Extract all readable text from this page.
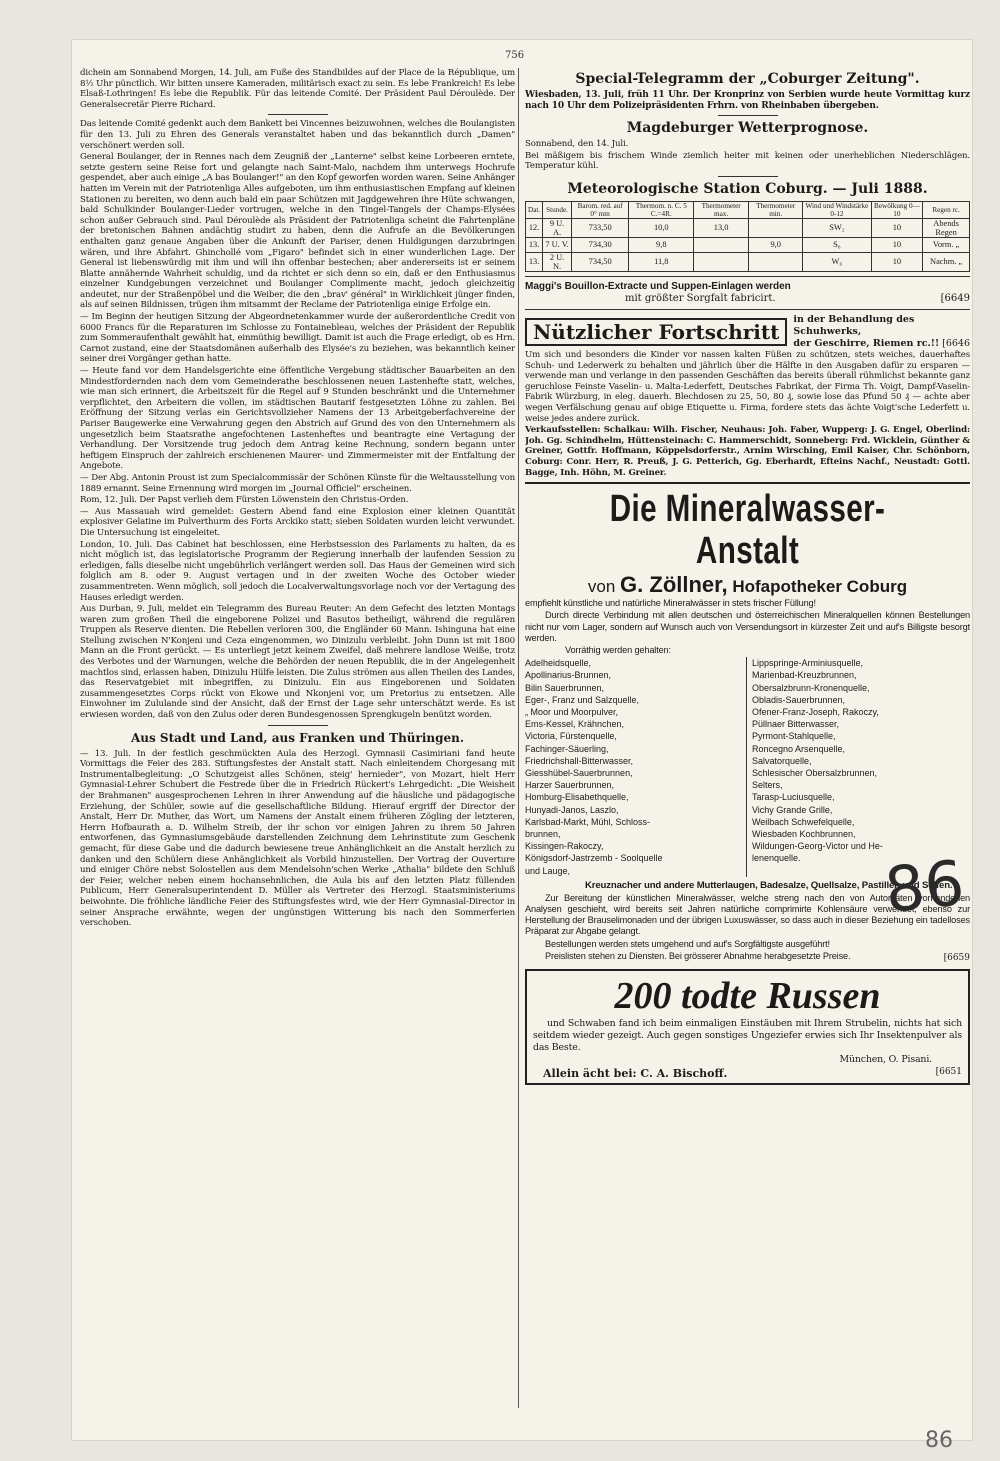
756

dichein am Sonnabend Morgen, 14. Juli, am Fuße des Standbildes auf der Place de la République, um 8½ Uhr pünctlich. Wir bitten unsere Kameraden, militärisch exact zu sein. Es lebe Frankreich! Es lebe Elsaß-Lothringen! Es lebe die Republik. Für das leitende Comité. Der Präsident Paul Déroulède. Der Generalsecretär Pierre Richard.

Das leitende Comité gedenkt auch dem Bankett bei Vincennes beizuwohnen, welches die Boulangisten für den 13. Juli zu Ehren des Generals veranstaltet haben und das bekanntlich durch „Damen" verschönert werden soll.

General Boulanger, der in Rennes nach dem Zeugniß der „Lanterne" selbst keine Lorbeeren erntete, setzte gestern seine Reise fort und gelangte nach Saint-Malo, nachdem ihm unterwegs Hochrufe gespendet, aber auch einige „A bas Boulanger!" an den Kopf geworfen worden waren. Seine Anhänger hatten im Verein mit der Patriotenliga Alles aufgeboten, um ihm enthusiastischen Empfang auf kleinen Stationen zu bereiten, wo denn auch bald ein paar Schützen mit Jagdgewehren ihre Hüte schwangen, bald Schulkinder Boulanger-Lieder vortrugen, welche in den Tingel-Tangels der Champs-Elysées schon außer Gebrauch sind. Paul Déroulède als Präsident der Patriotenliga scheint die Fahrtenpläne der bretonischen Bahnen andächtig studirt zu haben, denn die Aufrufe an die Bevölkerungen enthalten ganz genaue Angaben über die Ankunft der Pariser, denen Huldigungen darzubringen wären, und ihre Abfahrt. Ghinchollé vom „Figaro" befindet sich in einer wunderlichen Lage. Der General ist liebenswürdig mit ihm und will ihn offenbar bestechen; aber andererseits ist er seinem Blatte annähernde Wahrheit schuldig, und da richtet er sich denn so ein, daß er den Enthusiasmus einzelner Kundgebungen verzeichnet und Boulanger Complimente macht, jedoch gleichzeitig andeutet, nur der Straßenpöbel und die Weiber, die den „brav' général" in Wirklichkeit jünger finden, als auf seinen Bildnissen, trügen ihm mitsammt der Reclame der Patriotenliga einige Erfolge ein.

— Im Beginn der heutigen Sitzung der Abgeordnetenkammer wurde der außerordentliche Credit von 6000 Francs für die Reparaturen im Schlosse zu Fontainebleau, welches der Präsident der Republik zum Sommeraufenthalt gewählt hat, einmüthig bewilligt. Damit ist auch die Frage erledigt, ob es Hrn. Carnot zustand, eine der Staatsdomänen außerhalb des Elysée's zu beziehen, was bekanntlich keiner seiner drei Vorgänger gethan hatte.

— Heute fand vor dem Handelsgerichte eine öffentliche Vergebung städtischer Bauarbeiten an den Mindestfordernden nach dem vom Gemeinderathe beschlossenen neuen Lastenhefte statt, welches, wie man sich erinnert, die Arbeitszeit für die Regel auf 9 Stunden beschränkt und die Unternehmer verpflichtet, den Arbeitern die vollen, im städtischen Bautarif festgesetzten Löhne zu zahlen. Bei Eröffnung der Sitzung verlas ein Gerichtsvollzieher Namens der 13 Arbeitgeberfachvereine der Pariser Baugewerke eine Verwahrung gegen den Abstrich auf Grund des von den Unternehmern als ungesetzlich beim Staatsrathe angefochtenen Lastenheftes und beantragte eine Vertagung der Verhandlung. Der Vorsitzende trug jedoch dem Antrag keine Rechnung, sondern begann unter heftigem Einspruch der zahlreich erschienenen Maurer- und Zimmermeister mit der Entfaltung der Angebote.

— Der Abg. Antonin Proust ist zum Specialcommissär der Schönen Künste für die Weltausstellung von 1889 ernannt. Seine Ernennung wird morgen im „Journal Officiel" erscheinen.

Rom, 12. Juli. Der Papst verlieh dem Fürsten Löwenstein den Christus-Orden.

— Aus Massauah wird gemeldet: Gestern Abend fand eine Explosion einer kleinen Quantität explosiver Gelatine im Pulverthurm des Forts Arckiko statt; sieben Soldaten wurden leicht verwundet. Die Untersuchung ist eingeleitet.

London, 10. Juli. Das Cabinet hat beschlossen, eine Herbstsession des Parlaments zu halten, da es nicht möglich ist, das legislatorische Programm der Regierung innerhalb der laufenden Session zu erledigen, falls dieselbe nicht ungebührlich verlängert werden soll. Das Haus der Gemeinen wird sich folglich am 8. oder 9. August vertagen und in der zweiten Woche des October wieder zusammentreten. Wenn möglich, soll jedoch die Localverwaltungsvorlage noch vor der Vertagung des Hauses erledigt werden.

Aus Durban, 9. Juli, meldet ein Telegramm des Bureau Reuter: An dem Gefecht des letzten Montags waren zum großen Theil die eingeborene Polizei und Basutos betheiligt, während die regulären Truppen als Reserve dienten. Die Rebellen verloren 300, die Engländer 60 Mann. Ishinguna hat eine Stellung zwischen N'Konjeni und Ceza eingenommen, wo Dinizulu verbleibt. John Dunn ist mit 1800 Mann an die Front gerückt. — Es unterliegt jetzt keinem Zweifel, daß mehrere landlose Weiße, trotz des Verbotes und der Warnungen, welche die Behörden der neuen Republik, die in der Angelegenheit machtlos sind, erlassen haben, Dinizulu Hülfe leisten. Die Zulus strömen aus allen Theilen des Landes, das Reservatgebiet mit inbegriffen, zu Dinizulu. Ein aus Eingeborenen und Soldaten zusammengesetztes Corps rückt von Ekowe und Nkonjeni vor, um Pretorius zu entsetzen. Alle Einwohner im Zululande sind der Ansicht, daß der Ernst der Lage sehr unterschätzt werde. Es ist erwiesen worden, daß von den Zulus oder deren Bundesgenossen Sprengkugeln benützt worden.

Aus Stadt und Land, aus Franken und Thüringen.

— 13. Juli. In der festlich geschmückten Aula des Herzogl. Gymnasii Casimiriani fand heute Vormittags die Feier des 283. Stiftungsfestes der Anstalt statt. Nach einleitendem Chorgesang mit Instrumentalbegleitung: „O Schutzgeist alles Schönen, steig' hernieder", von Mozart, hielt Herr Gymnasial-Lehrer Schubert die Festrede über die in Friedrich Rückert's Lehrgedicht: „Die Weisheit der Brahmanen" ausgesprochenen Lehren in ihrer Anwendung auf die häusliche und pädagogische Erziehung, der Schüler, sowie auf die gesellschaftliche Bildung. Hierauf ergriff der Director der Anstalt, Herr Dr. Muther, das Wort, um Namens der Anstalt einem früheren Zögling der letzteren, Herrn Hofbaurath a. D. Wilhelm Streib, der ihr schon vor einigen Jahren zu ihrem 50 Jahren entworfenen, das Gymnasiumsgebäude darstellenden Zeichnung dem Lehrinstitute zum Geschenk gemacht, für diese Gabe und die dadurch bewiesene treue Anhänglichkeit an die Anstalt herzlich zu danken und den Schülern diese Anhänglichkeit als Vorbild hinzustellen. Der Vortrag der Ouverture und einiger Chöre nebst Solostellen aus dem Mendelsohn'schen Werke „Athalia" bildete den Schluß der Feier, welcher neben einem hochansehnlichen, die Aula bis auf den letzten Platz füllenden Publicum, Herr Generalsuperintendent D. Müller als Vertreter des Herzogl. Staatsministeriums beiwohnte. Die fröhliche ländliche Feier des Stiftungsfestes wird, wie der Herr Gymnasial-Director in seiner Ansprache erwähnte, wegen der ungünstigen Witterung bis nach den Sommerferien verschoben.

Special-Telegramm der „Coburger Zeitung".

Wiesbaden, 13. Juli, früh 11 Uhr. Der Kronprinz von Serbien wurde heute Vormittag kurz nach 10 Uhr dem Polizeipräsidenten Frhrn. von Rheinbaben übergeben.

Magdeburger Wetterprognose.

Sonnabend, den 14. Juli.

Bei mäßigem bis frischem Winde ziemlich heiter mit keinen oder unerheblichen Niederschlägen. Temperatur kühl.

Meteorologische Station Coburg. — Juli 1888.
Dat.	Stunde.	Barom. red. auf 0° mm	Thermom. n. C. 5 C.=4R.	Thermometer max.	Thermometer min.	Wind und Windstärke 0-12	Bewölkung 0—10	Regen rc.
12.	9 U. A.	733,50	10,0	13,0		SW₂	10	Abends Regen
13.	7 U. V.	734,30	9,8		9,0	S₆	10	Vorm. „
13.	2 U. N.	734,50	11,8			W₆	10	Nachm. „
Maggi's Bouillon-Extracte und Suppen-Einlagen werden
mit größter Sorgfalt fabricirt.	[6649
Nützlicher Fortschritt
in der Behandlung des Schuhwerks,
der Geschirre, Riemen rc.!! [6646

Um sich und besonders die Kinder vor nassen kalten Füßen zu schützen, stets weiches, dauerhaftes Schuh- und Lederwerk zu behalten und jährlich über die Hälfte in den Ausgaben dafür zu ersparen — verwende man und verlange in den passenden Geschäften das bereits überall rühmlichst bekannte ganz geruchlose Feinste Vaselin- u. Malta-Lederfett, Deutsches Fabrikat, der Firma Th. Voigt, Dampf-Vaselin-Fabrik Würzburg, in eleg. dauerh. Blechdosen zu 25, 50, 80 ₰, sowie lose das Pfund 50 ₰ — achte aber wegen Verfälschung genau auf obige Etiquette u. Firma, fordere stets das ächte Voigt'sche Lederfett u. weise jedes andere zurück.

Verkaufsstellen: Schalkau: Wilh. Fischer, Neuhaus: Joh. Faber, Wupperg: J. G. Engel, Oberlind: Joh. Gg. Schindhelm, Hüttensteinach: C. Hammerschidt, Sonneberg: Frd. Wicklein, Günther & Greiner, Gottfr. Hoffmann, Köppelsdorferstr., Arnim Wirsching, Emil Kaiser, Chr. Schönborn, Coburg: Conr. Herr, R. Preuß, J. G. Petterich, Gg. Eberhardt, Efteins Nachf., Neustadt: Gottl. Bagge, Inh. Höhn, M. Greiner.

Die Mineralwasser-Anstalt
von G. Zöllner, Hofapotheker Coburg

empfiehlt künstliche und natürliche Mineralwässer in stets frischer Füllung!

Durch directe Verbindung mit allen deutschen und österreichischen Mineralquellen können Bestellungen nicht nur vom Lager, sondern auf Wunsch auch von Versendungsort in kürzester Zeit und auf's Billigste besorgt werden.

Vorräthig werden gehalten:

Adelheidsquelle,

Apollinarius-Brunnen,

Bilin Sauerbrunnen,

Eger-, Franz und Salzquelle,

„ Moor und Moorpulver,

Ems-Kessel, Krähnchen,

Victoria, Fürstenquelle,

Fachinger-Säuerling,

Friedrichshall-Bitterwasser,

Giesshübel-Sauerbrunnen,

Harzer Sauerbrunnen,

Homburg-Elisabethquelle,

Hunyadi-Janos, Laszlo,

Karlsbad-Markt, Mühl, Schloss-

brunnen,

Kissingen-Rakoczy,

Königsdorf-Jastrzemb - Soolquelle

und Lauge,

Lippspringe-Arminiusquelle,

Marienbad-Kreuzbrunnen,

Obersalzbrunn-Kronenquelle,

Obladis-Sauerbrunnen,

Ofener-Franz-Joseph, Rakoczy,

Püllnaer Bitterwasser,

Pyrmont-Stahlquelle,

Roncegno Arsenquelle,

Salvatorquelle,

Schlesischer Obersalzbrunnen,

Selters,

Tarasp-Luciusquelle,

Vichy Grande Grille,

Weilbach Schwefelquelle,

Wiesbaden Kochbrunnen,

Wildungen-Georg-Victor und He-

lenenquelle.

Kreuznacher und andere Mutterlaugen, Badesalze, Quellsalze, Pastillen und Seifen.

Zur Bereitung der künstlichen Mineralwässer, welche streng nach den von Autoritäten vorhandenen Analysen geschieht, wird bereits seit Jahren natürliche comprimirte Kohlensäure verwendet, ebenso zur Herstellung der Brauselimonaden und der übrigen Luxuswässer, so dass auch in dieser Beziehung ein tadelloses Präparat zur Abgabe gelangt.

Bestellungen werden stets umgehend und auf's Sorgfältigste ausgeführt!

Preislisten stehen zu Diensten. Bei grösserer Abnahme herabgesetzte Preise.	[6659
200 todte Russen

und Schwaben fand ich beim einmaligen Einstäuben mit Ihrem Strubelin, nichts hat sich seitdem wieder gezeigt. Auch gegen sonstiges Ungeziefer erwies sich Ihr Insektenpulver als das Beste.

München, O. Pisani.

Allein ächt bei: C. A. Bischoff.	[6651
86
86
